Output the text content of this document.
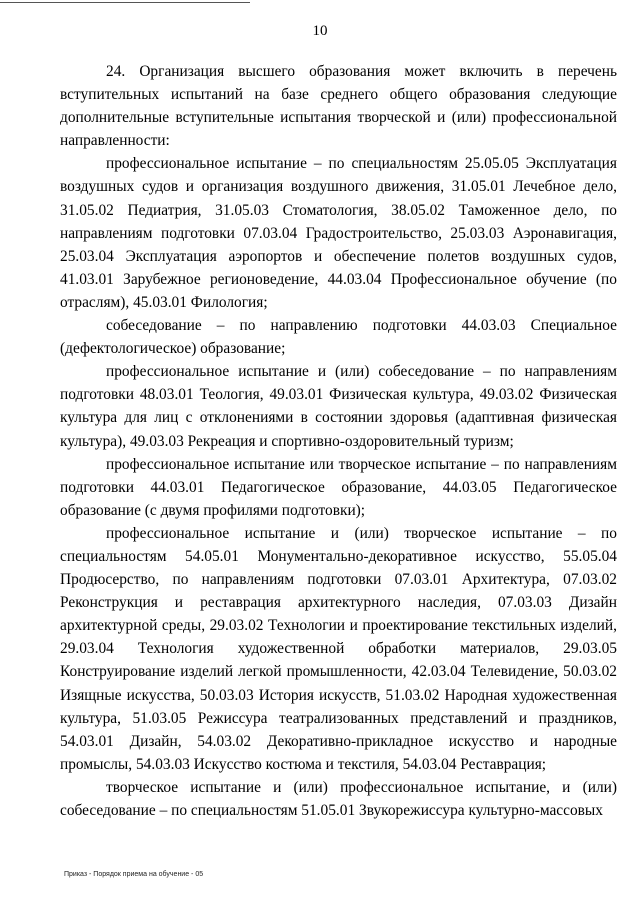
10

24. Организация высшего образования может включить в перечень вступительных испытаний на базе среднего общего образования следующие дополнительные вступительные испытания творческой и (или) профессиональной направленности:

профессиональное испытание – по специальностям 25.05.05 Эксплуатация воздушных судов и организация воздушного движения, 31.05.01 Лечебное дело, 31.05.02 Педиатрия, 31.05.03 Стоматология, 38.05.02 Таможенное дело, по направлениям подготовки 07.03.04 Градостроительство, 25.03.03 Аэронавигация, 25.03.04 Эксплуатация аэропортов и обеспечение полетов воздушных судов, 41.03.01 Зарубежное регионоведение, 44.03.04 Профессиональное обучение (по отраслям), 45.03.01 Филология;

собеседование – по направлению подготовки 44.03.03 Специальное (дефектологическое) образование;

профессиональное испытание и (или) собеседование – по направлениям подготовки 48.03.01 Теология, 49.03.01 Физическая культура, 49.03.02 Физическая культура для лиц с отклонениями в состоянии здоровья (адаптивная физическая культура), 49.03.03 Рекреация и спортивно-оздоровительный туризм;

профессиональное испытание или творческое испытание – по направлениям подготовки 44.03.01 Педагогическое образование, 44.03.05 Педагогическое образование (с двумя профилями подготовки);

профессиональное испытание и (или) творческое испытание – по специальностям 54.05.01 Монументально-декоративное искусство, 55.05.04 Продюсерство, по направлениям подготовки 07.03.01 Архитектура, 07.03.02 Реконструкция и реставрация архитектурного наследия, 07.03.03 Дизайн архитектурной среды, 29.03.02 Технологии и проектирование текстильных изделий, 29.03.04 Технология художественной обработки материалов, 29.03.05 Конструирование изделий легкой промышленности, 42.03.04 Телевидение, 50.03.02 Изящные искусства, 50.03.03 История искусств, 51.03.02 Народная художественная культура, 51.03.05 Режиссура театрализованных представлений и праздников, 54.03.01 Дизайн, 54.03.02 Декоративно-прикладное искусство и народные промыслы, 54.03.03 Искусство костюма и текстиля, 54.03.04 Реставрация;

творческое испытание и (или) профессиональное испытание, и (или) собеседование – по специальностям 51.05.01 Звукорежиссура культурно-массовых

Приказ - Порядок приема на обучение - 05
